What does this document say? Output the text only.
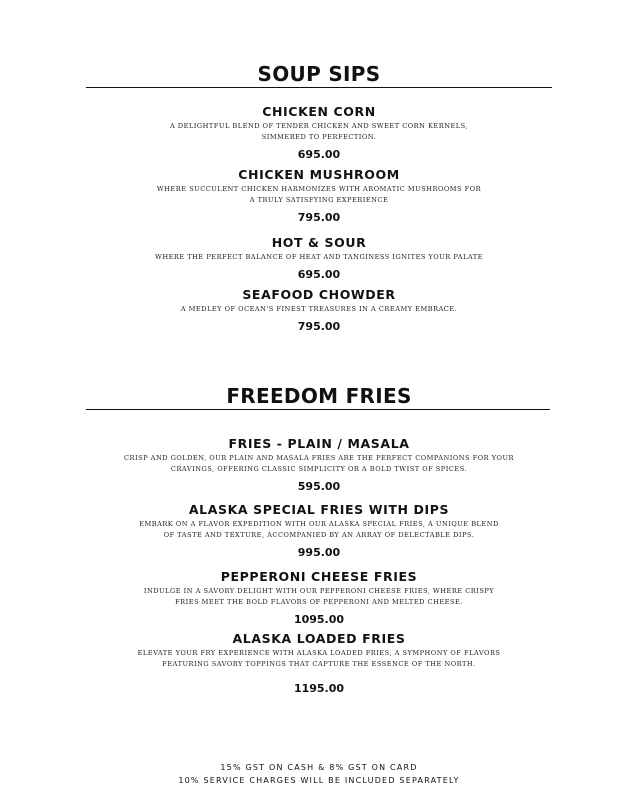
SOUP SIPS
CHICKEN CORN
A DELIGHTFUL BLEND OF TENDER CHICKEN AND SWEET CORN KERNELS,
SIMMERED TO PERFECTION.
695.00
CHICKEN MUSHROOM
WHERE SUCCULENT CHICKEN HARMONIZES WITH AROMATIC MUSHROOMS FOR
A TRULY SATISFYING EXPERIENCE
795.00
HOT & SOUR
WHERE THE PERFECT BALANCE OF HEAT AND TANGINESS IGNITES YOUR PALATE
695.00
SEAFOOD CHOWDER
A MEDLEY OF OCEAN'S FINEST TREASURES IN A CREAMY EMBRACE.
795.00
FREEDOM FRIES
FRIES - PLAIN / MASALA
CRISP AND GOLDEN, OUR PLAIN AND MASALA FRIES ARE THE PERFECT COMPANIONS FOR YOUR
CRAVINGS, OFFERING CLASSIC SIMPLICITY OR A BOLD TWIST OF SPICES.
595.00
ALASKA SPECIAL FRIES WITH DIPS
EMBARK ON A FLAVOR EXPEDITION WITH OUR ALASKA SPECIAL FRIES, A UNIQUE BLEND
OF TASTE AND TEXTURE, ACCOMPANIED BY AN ARRAY OF DELECTABLE DIPS.
995.00
PEPPERONI CHEESE FRIES
INDULGE IN A SAVORY DELIGHT WITH OUR PEPPERONI CHEESE FRIES, WHERE CRISPY
FRIES MEET THE BOLD FLAVORS OF PEPPERONI AND MELTED CHEESE.
1095.00
ALASKA LOADED FRIES
ELEVATE YOUR FRY EXPERIENCE WITH ALASKA LOADED FRIES, A SYMPHONY OF FLAVORS
FEATURING SAVORY TOPPINGS THAT CAPTURE THE ESSENCE OF THE NORTH.
1195.00
15% GST ON CASH & 8% GST ON CARD
10% SERVICE CHARGES WILL BE INCLUDED SEPARATELY
